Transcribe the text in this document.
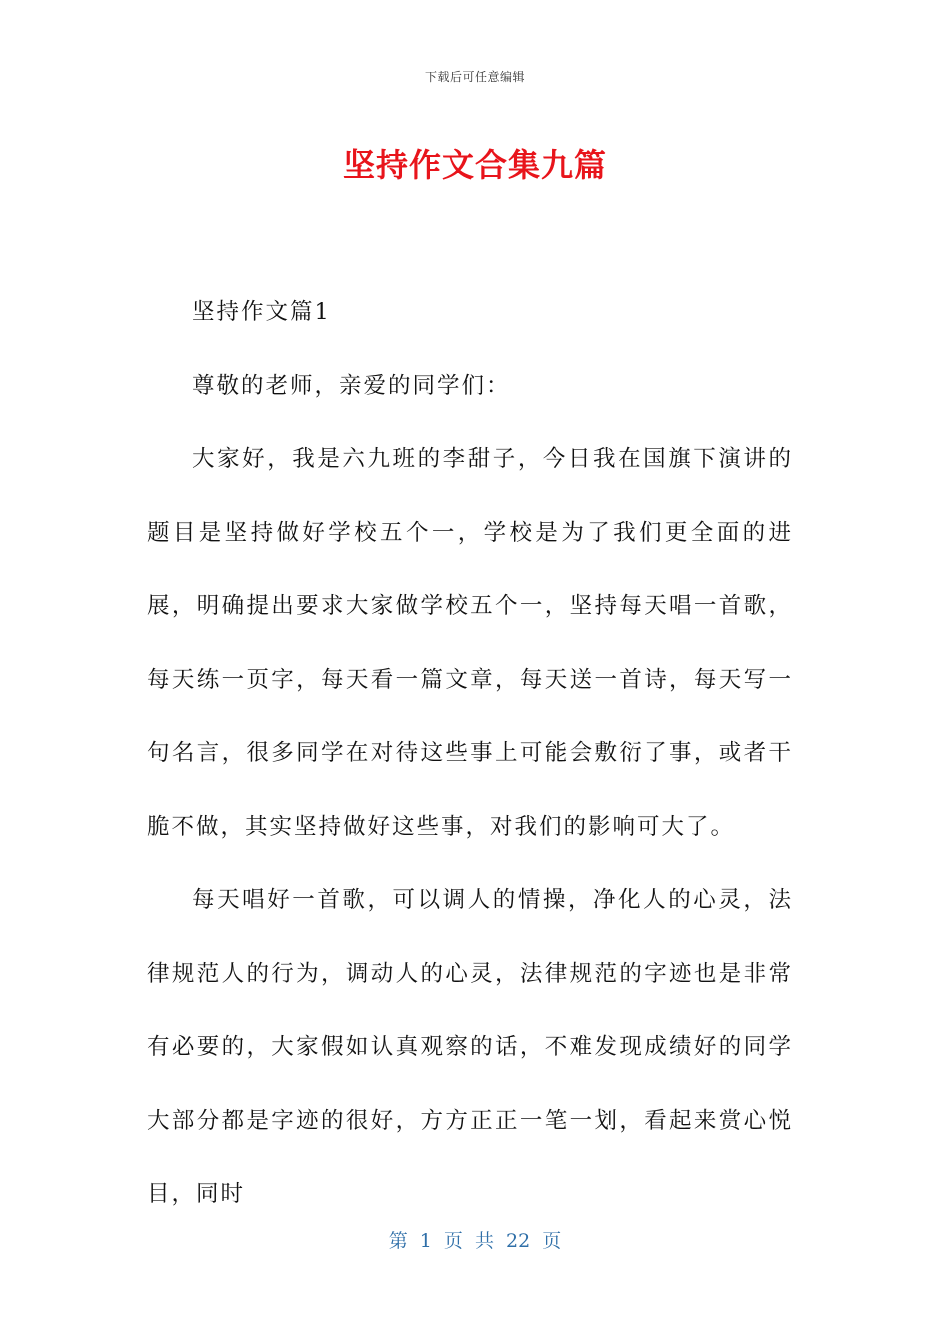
下载后可任意编辑
坚持作文合集九篇

坚持作文篇1

尊敬的老师，亲爱的同学们：

大家好，我是六九班的李甜子，今日我在国旗下演讲的题目是坚持做好学校五个一，学校是为了我们更全面的进展，明确提出要求大家做学校五个一，坚持每天唱一首歌，每天练一页字，每天看一篇文章，每天送一首诗，每天写一句名言，很多同学在对待这些事上可能会敷衍了事，或者干脆不做，其实坚持做好这些事，对我们的影响可大了。

每天唱好一首歌，可以调人的情操，净化人的心灵，法律规范人的行为，调动人的心灵，法律规范的字迹也是非常有必要的，大家假如认真观察的话，不难发现成绩好的同学大部分都是字迹的很好，方方正正一笔一划，看起来赏心悦目，同时

第 1 页 共 22 页
